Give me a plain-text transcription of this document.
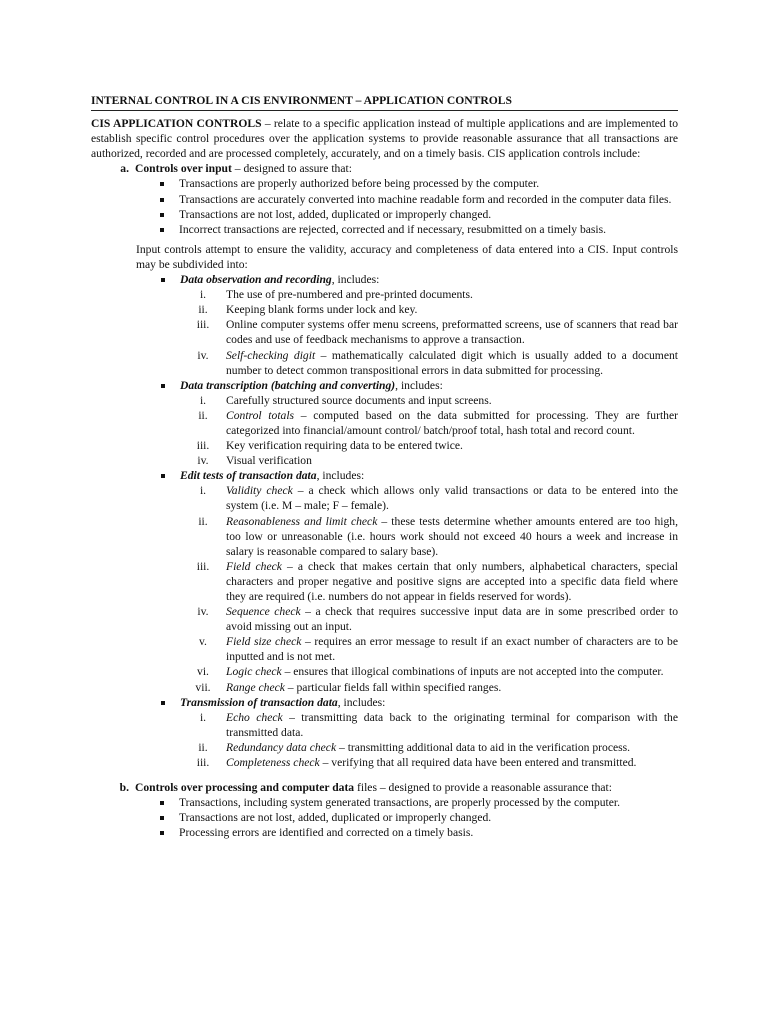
INTERNAL CONTROL IN A CIS ENVIRONMENT – APPLICATION CONTROLS
CIS APPLICATION CONTROLS – relate to a specific application instead of multiple applications and are implemented to establish specific control procedures over the application systems to provide reasonable assurance that all transactions are authorized, recorded and are processed completely, accurately, and on a timely basis. CIS application controls include:
a. Controls over input – designed to assure that:
Transactions are properly authorized before being processed by the computer.
Transactions are accurately converted into machine readable form and recorded in the computer data files.
Transactions are not lost, added, duplicated or improperly changed.
Incorrect transactions are rejected, corrected and if necessary, resubmitted on a timely basis.
Input controls attempt to ensure the validity, accuracy and completeness of data entered into a CIS. Input controls may be subdivided into:
Data observation and recording, includes:
i.	The use of pre-numbered and pre-printed documents.
ii.	Keeping blank forms under lock and key.
iii.	Online computer systems offer menu screens, preformatted screens, use of scanners that read bar codes and use of feedback mechanisms to approve a transaction.
iv.	Self-checking digit – mathematically calculated digit which is usually added to a document number to detect common transpositional errors in data submitted for processing.
Data transcription (batching and converting), includes:
i.	Carefully structured source documents and input screens.
ii.	Control totals – computed based on the data submitted for processing. They are further categorized into financial/amount control/ batch/proof total, hash total and record count.
iii.	Key verification requiring data to be entered twice.
iv.	Visual verification
Edit tests of transaction data, includes:
i.	Validity check – a check which allows only valid transactions or data to be entered into the system (i.e. M – male; F – female).
ii.	Reasonableness and limit check – these tests determine whether amounts entered are too high, too low or unreasonable (i.e. hours work should not exceed 40 hours a week and increase in salary is reasonable compared to salary base).
iii.	Field check – a check that makes certain that only numbers, alphabetical characters, special characters and proper negative and positive signs are accepted into a specific data field where they are required (i.e. numbers do not appear in fields reserved for words).
iv.	Sequence check – a check that requires successive input data are in some prescribed order to avoid missing out an input.
v.	Field size check – requires an error message to result if an exact number of characters are to be inputted and is not met.
vi.	Logic check – ensures that illogical combinations of inputs are not accepted into the computer.
vii.	Range check – particular fields fall within specified ranges.
Transmission of transaction data, includes:
i.	Echo check – transmitting data back to the originating terminal for comparison with the transmitted data.
ii.	Redundancy data check – transmitting additional data to aid in the verification process.
iii.	Completeness check – verifying that all required data have been entered and transmitted.
b. Controls over processing and computer data files – designed to provide a reasonable assurance that:
Transactions, including system generated transactions, are properly processed by the computer.
Transactions are not lost, added, duplicated or improperly changed.
Processing errors are identified and corrected on a timely basis.
